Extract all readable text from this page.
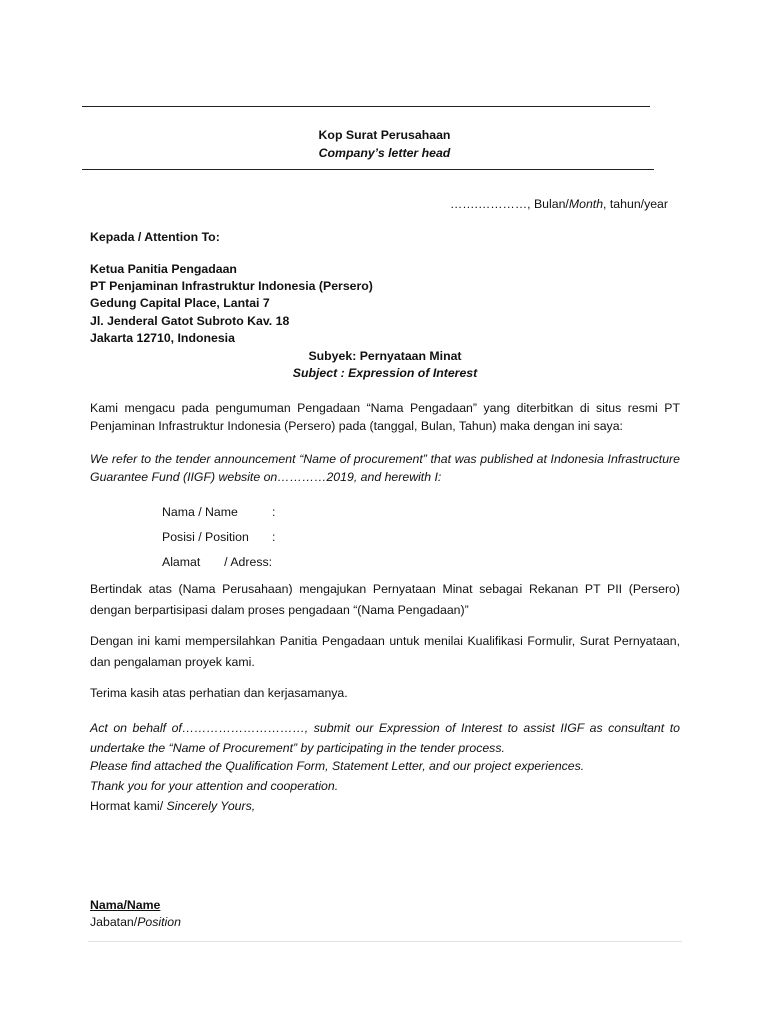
Kop Surat Perusahaan
Company’s letter head
…….…………, Bulan/Month, tahun/year
Kepada / Attention To:
Ketua Panitia Pengadaan
PT Penjaminan Infrastruktur Indonesia (Persero)
Gedung Capital Place, Lantai 7
Jl. Jenderal Gatot Subroto Kav. 18
Jakarta 12710, Indonesia
Subyek: Pernyataan Minat
Subject : Expression of Interest
Kami mengacu pada pengumuman Pengadaan “Nama Pengadaan” yang diterbitkan di situs resmi PT Penjaminan Infrastruktur Indonesia (Persero) pada (tanggal, Bulan, Tahun) maka dengan ini saya:
We refer to the tender announcement “Name of procurement” that was published at Indonesia Infrastructure Guarantee Fund (IIGF) website on…………2019, and herewith I:
Nama / Name	:
Posisi / Position :
Alamat       / Adress:
Bertindak atas (Nama Perusahaan) mengajukan Pernyataan Minat sebagai Rekanan PT PII (Persero) dengan berpartisipasi dalam proses pengadaan “(Nama Pengadaan)”
Dengan ini kami mempersilahkan Panitia Pengadaan untuk menilai Kualifikasi Formulir, Surat Pernyataan, dan pengalaman proyek kami.
Terima kasih atas perhatian dan kerjasamanya.
Act on behalf of…………………………, submit our Expression of Interest to assist IIGF as consultant to undertake the “Name of Procurement” by participating in the tender process.
Please find attached the Qualification Form, Statement Letter, and our project experiences.
Thank you for your attention and cooperation.
Hormat kami/ Sincerely Yours,
Nama/Name
Jabatan/Position
